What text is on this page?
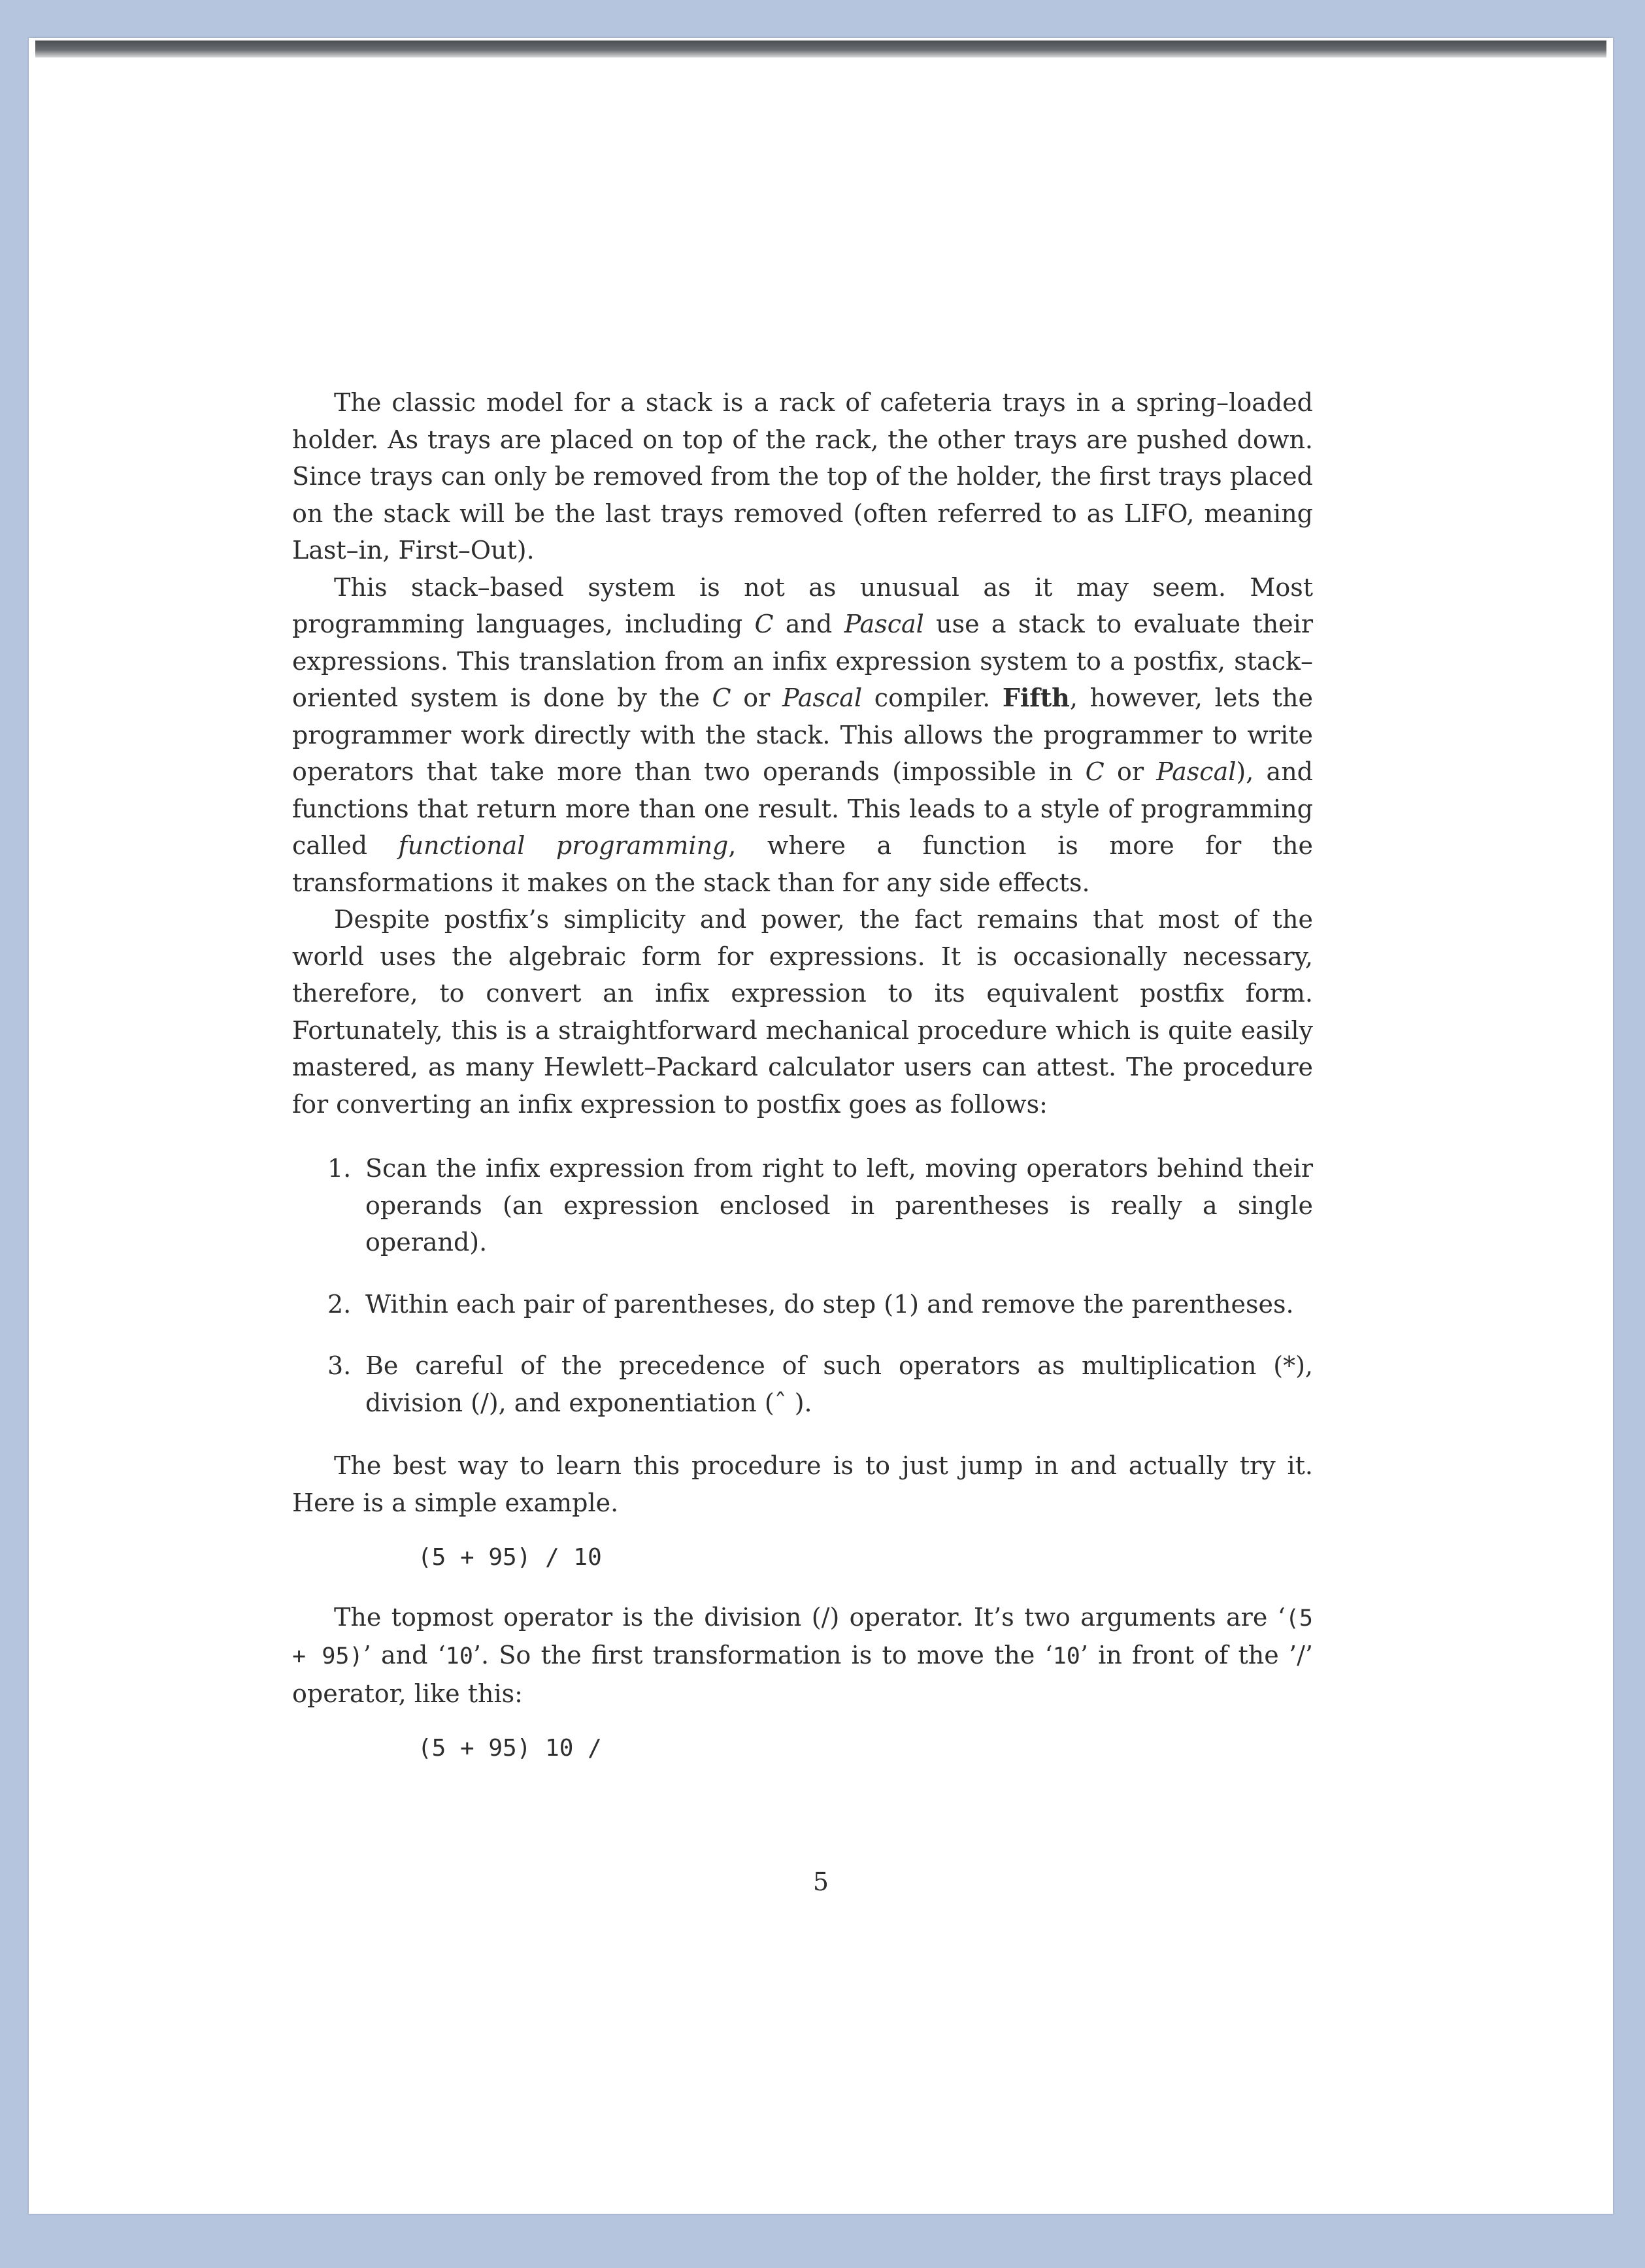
The classic model for a stack is a rack of cafeteria trays in a spring–loaded holder. As trays are placed on top of the rack, the other trays are pushed down. Since trays can only be removed from the top of the holder, the first trays placed on the stack will be the last trays removed (often referred to as LIFO, meaning Last–in, First–Out).

This stack–based system is not as unusual as it may seem. Most programming languages, including C and Pascal use a stack to evaluate their expressions. This translation from an infix expression system to a postfix, stack–oriented system is done by the C or Pascal compiler. Fifth, however, lets the programmer work directly with the stack. This allows the programmer to write operators that take more than two operands (impossible in C or Pascal), and functions that return more than one result. This leads to a style of programming called functional programming, where a function is more for the transformations it makes on the stack than for any side effects.

Despite postfix’s simplicity and power, the fact remains that most of the world uses the algebraic form for expressions. It is occasionally necessary, therefore, to convert an infix expression to its equivalent postfix form. Fortunately, this is a straightforward mechanical procedure which is quite easily mastered, as many Hewlett–Packard calculator users can attest. The procedure for converting an infix expression to postfix goes as follows:

1. Scan the infix expression from right to left, moving operators behind their operands (an expression enclosed in parentheses is really a single operand).
2. Within each pair of parentheses, do step (1) and remove the parentheses.
3. Be careful of the precedence of such operators as multiplication (*), division (/), and exponentiation (ˆ ).

The best way to learn this procedure is to just jump in and actually try it. Here is a simple example.

(5 + 95) / 10

The topmost operator is the division (/) operator. It’s two arguments are ‘(5 + 95)’ and ‘10’. So the first transformation is to move the ‘10’ in front of the ’/’ operator, like this:

(5 + 95) 10 /
5
